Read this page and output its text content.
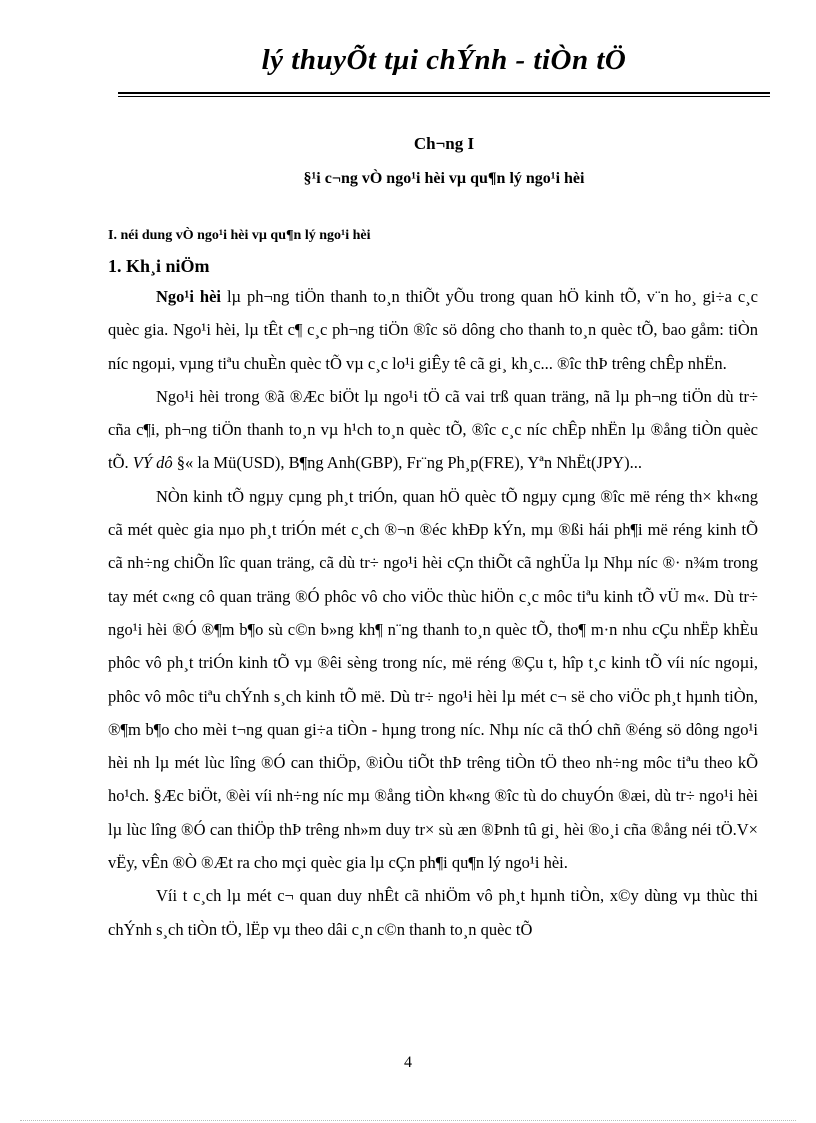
lý thuyÕt tµi chÝnh - tiÒn tÖ
Ch¬ng I
§¹i c¬ng vÒ ngo¹i hèi vµ qu¶n lý ngo¹i hèi
I. néi dung vÒ ngo¹i hèi vµ qu¶n lý ngo¹i hèi
1. Kh¸i niÖm

Ngo¹i hèi lµ ph¬ng tiÖn thanh to¸n thiÕt yÕu trong quan hÖ kinh tÕ, v¨n ho¸ gi÷a c¸c quèc gia. Ngo¹i hèi, lµ tÊt c¶ c¸c ph¬ng tiÖn ®îc sö dông cho thanh to¸n quèc tÕ, bao gåm: tiÒn níc ngoµi, vµng tiªu chuÈn quèc tÕ vµ c¸c lo¹i giÊy tê cã gi¸ kh¸c... ®îc thÞ trêng chÊp nhËn.

Ngo¹i hèi trong ®ã ®Æc biÖt lµ ngo¹i tÖ cã vai trß quan träng, nã lµ ph¬ng tiÖn dù tr÷ cña c¶i, ph¬ng tiÖn thanh to¸n vµ h¹ch to¸n quèc tÕ, ®îc c¸c níc chÊp nhËn lµ ®ång tiÒn quèc tÕ. VÝ dô §« la Mü(USD), B¶ng Anh(GBP), Fr¨ng Ph¸p(FRE), Yªn NhËt(JPY)...

NÒn kinh tÕ ngµy cµng ph¸t triÓn, quan hÖ quèc tÕ ngµy cµng ®îc më réng th× kh«ng cã mét quèc gia nµo ph¸t triÓn mét c¸ch ®¬n ®éc khÐp kÝn, mµ ®ßi hái ph¶i më réng kinh tÕ cã nh÷ng chiÕn lîc quan träng, cã dù tr÷ ngo¹i hèi cÇn thiÕt cã nghÜa lµ Nhµ níc ®· n¾m trong tay mét c«ng cô quan träng ®Ó phôc vô cho viÖc thùc hiÖn c¸c môc tiªu kinh tÕ vÜ m«. Dù tr÷ ngo¹i hèi ®Ó ®¶m b¶o sù c©n b»ng kh¶ n¨ng thanh to¸n quèc tÕ, tho¶ m·n nhu cÇu nhËp khÈu phôc vô ph¸t triÓn kinh tÕ vµ ®êi sèng trong níc, më réng ®Çu t, hîp t¸c kinh tÕ víi níc ngoµi, phôc vô môc tiªu chÝnh s¸ch kinh tÕ më. Dù tr÷ ngo¹i hèi lµ mét c¬ së cho viÖc ph¸t hµnh tiÒn, ®¶m b¶o cho mèi t¬ng quan gi÷a tiÒn - hµng trong níc. Nhµ níc cã thÓ chñ ®éng sö dông ngo¹i hèi nh lµ mét lùc lîng ®Ó can thiÖp, ®iÒu tiÕt thÞ trêng tiÒn tÖ theo nh÷ng môc tiªu theo kÕ ho¹ch. §Æc biÖt, ®èi víi nh÷ng níc mµ ®ång tiÒn kh«ng ®îc tù do chuyÓn ®æi, dù tr÷ ngo¹i hèi lµ lùc lîng ®Ó can thiÖp thÞ trêng nh»m duy tr× sù æn ®Þnh tû gi¸ hèi ®o¸i cña ®ång néi tÖ.V× vËy, vÊn ®Ò ®Æt ra cho mçi quèc gia lµ cÇn ph¶i qu¶n lý ngo¹i hèi.

Víi t c¸ch lµ mét c¬ quan duy nhÊt cã nhiÖm vô ph¸t hµnh tiÒn, x©y dùng vµ thùc thi chÝnh s¸ch tiÒn tÖ, lËp vµ theo dâi c¸n c©n thanh to¸n quèc tÕ

4
